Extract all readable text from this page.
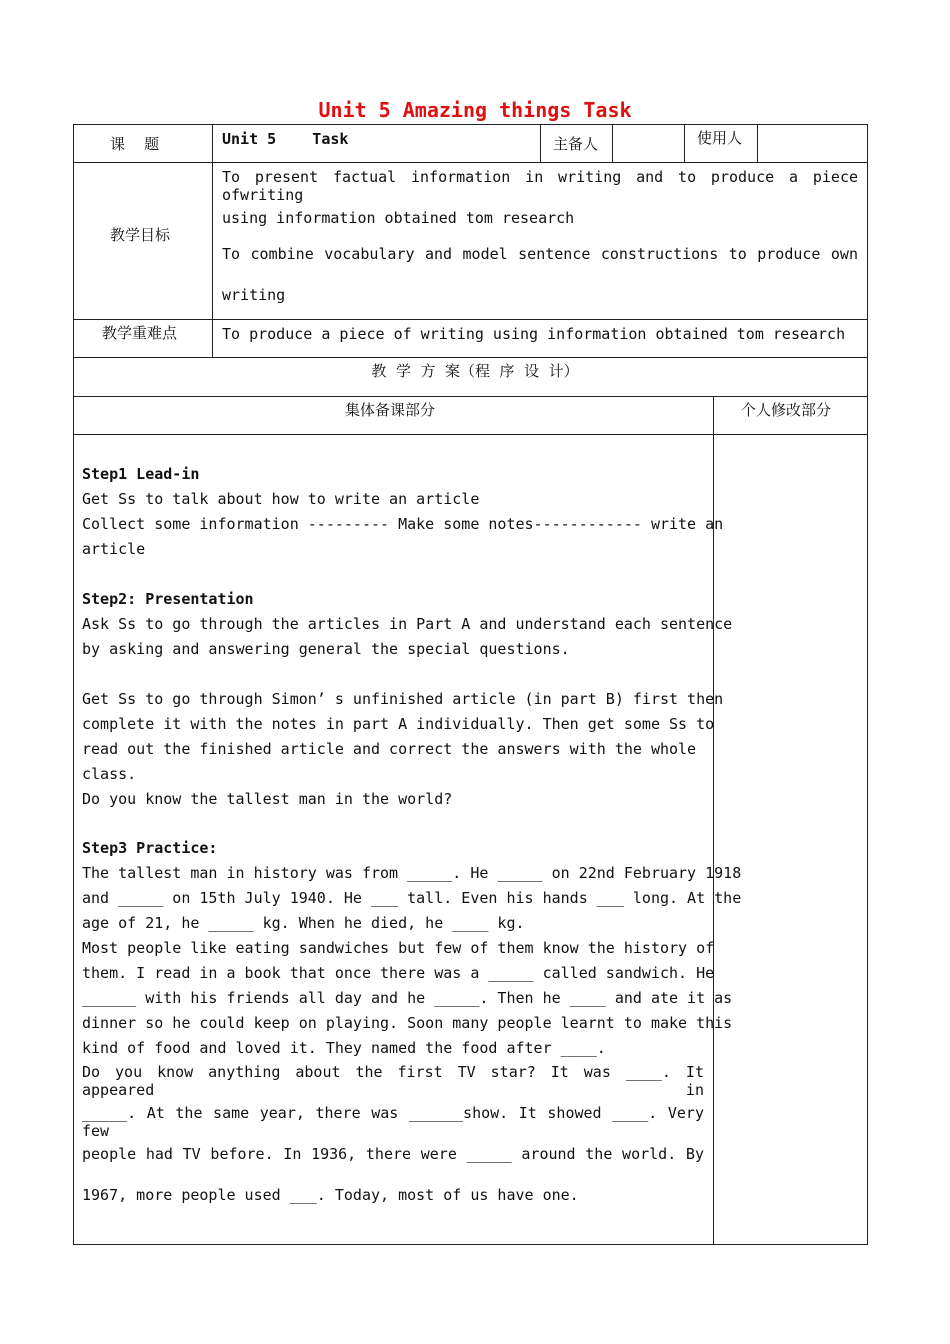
Unit 5 Amazing things Task
课    题	Unit 5    Task	主备人	使用人
教学目标
To present factual information in writing and to produce a piece ofwriting
using information obtained tom research
To combine vocabulary and model sentence constructions to produce own
writing
教学重难点	To produce a piece of writing using information obtained tom research
教  学  方  案（程  序  设  计）
集体备课部分	个人修改部分
Step1 Lead-in
Get Ss to talk about how to write an article
Collect some information --------- Make some notes------------ write an
article
Step2: Presentation
Ask Ss to go through the articles in Part A and understand each sentence
by asking and answering general the special questions.
Get Ss to go through Simon’ s unfinished article (in part B) first then
complete it with the notes in part A individually. Then get some Ss to
read out the finished article and correct the answers with the whole
class.
Do you know the tallest man in the world?
Step3 Practice:
The tallest man in history was from _____. He _____ on 22nd February 1918
and _____ on 15th July 1940. He ___ tall. Even his hands ___ long. At the
age of 21, he _____ kg. When he died, he ____ kg.
Most people like eating sandwiches but few of them know the history of
them. I read in a book that once there was a _____ called sandwich. He
______ with his friends all day and he _____. Then he ____ and ate it as
dinner so he could keep on playing. Soon many people learnt to make this
kind of food and loved it. They named the food after ____.
Do you know anything about the first TV star? It was ____. It appeared in
_____. At the same year, there was ______show. It showed ____. Very few
people had TV before. In 1936, there were _____ around the world. By
1967, more people used ___. Today, most of us have one.
